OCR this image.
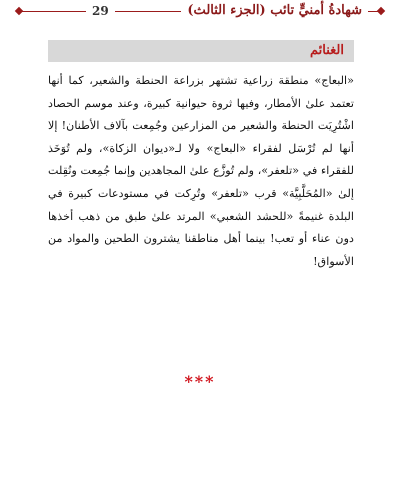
29	شهادةُ أمنيٍّ تائب (الجزء الثالث)
الغنائم

«البعاج» منطقة زراعية تشتهر بزراعة الحنطة والشعير، كما أنها تعتمد علىٰ الأمطار، وفيها ثروة حيوانية كبيرة، وعند موسم الحصاد اشْتُرِيَت الحنطة والشعير من المزارعين وجُمِعت بآلاف الأطنان! إلا أنها لم تُرْسَل لفقراء «البعاج» ولا لـ«ديوان الزكاة»، ولم تُوَخَذ للفقراء في «تلعفر»، ولم تُوزَّع علىٰ المجاهدين وإنما جُمِعت ونُقِلت إلىٰ «المُحَلَّبِيَّة» قرب «تلعفر» وتُرِكت في مستودعات كبيرة في البلدة غنيمةً «للحشد الشعبي» المرتد علىٰ طبق من ذهب أخذها دون عناء أو تعب! بينما أهل مناطقنا يشترون الطحين والمواد من الأسواق!

***
